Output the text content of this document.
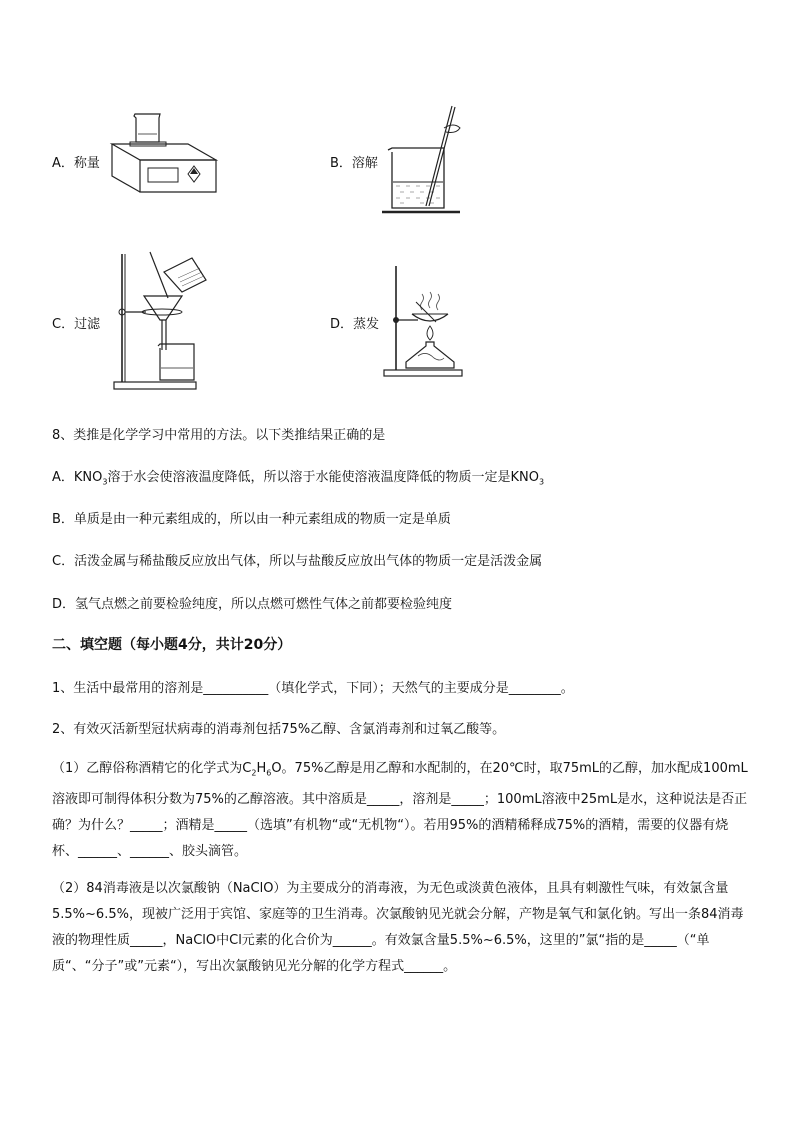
A．称量	B．溶解
C．过滤	D．蒸发
8、类推是化学学习中常用的方法。以下类推结果正确的是
A．$KNO_3$溶于水会使溶液温度降低，所以溶于水能使溶液温度降低的物质一定是$KNO_3$
B．单质是由一种元素组成的，所以由一种元素组成的物质一定是单质
C．活泼金属与稀盐酸反应放出气体，所以与盐酸反应放出气体的物质一定是活泼金属
D．氢气点燃之前要检验纯度，所以点燃可燃性气体之前都要检验纯度
二、填空题（每小题4分，共计20分）
1、生活中最常用的溶剂是__________（填化学式，下同）；天然气的主要成分是________。
2、有效灭活新型冠状病毒的消毒剂包括75%乙醇、含氯消毒剂和过氧乙酸等。
（1）乙醇俗称酒精它的化学式为$C_2H_6O$。75%乙醇是用乙醇和水配制的，在20℃时，取75mL的乙醇，加水配成100mL溶液即可制得体积分数为75%的乙醇溶液。其中溶质是_____，溶剂是_____；100mL溶液中25mL是水，这种说法是否正确？为什么？_____；酒精是_____（选填”有机物“或“无机物“）。若用95%的酒精稀释成75%的酒精，需要的仪器有烧杯、______、______、胶头滴管。
（2）84消毒液是以次氯酸钠（NaClO）为主要成分的消毒液，为无色或淡黄色液体，且具有刺激性气味，有效氯含量5.5%~6.5%，现被广泛用于宾馆、家庭等的卫生消毒。次氯酸钠见光就会分解，产物是氧气和氯化钠。写出一条84消毒液的物理性质_____，NaClO中Cl元素的化合价为______。有效氯含量5.5%~6.5%，这里的”氯“指的是_____（“单质“、“分子”或”元素“），写出次氯酸钠见光分解的化学方程式______。
